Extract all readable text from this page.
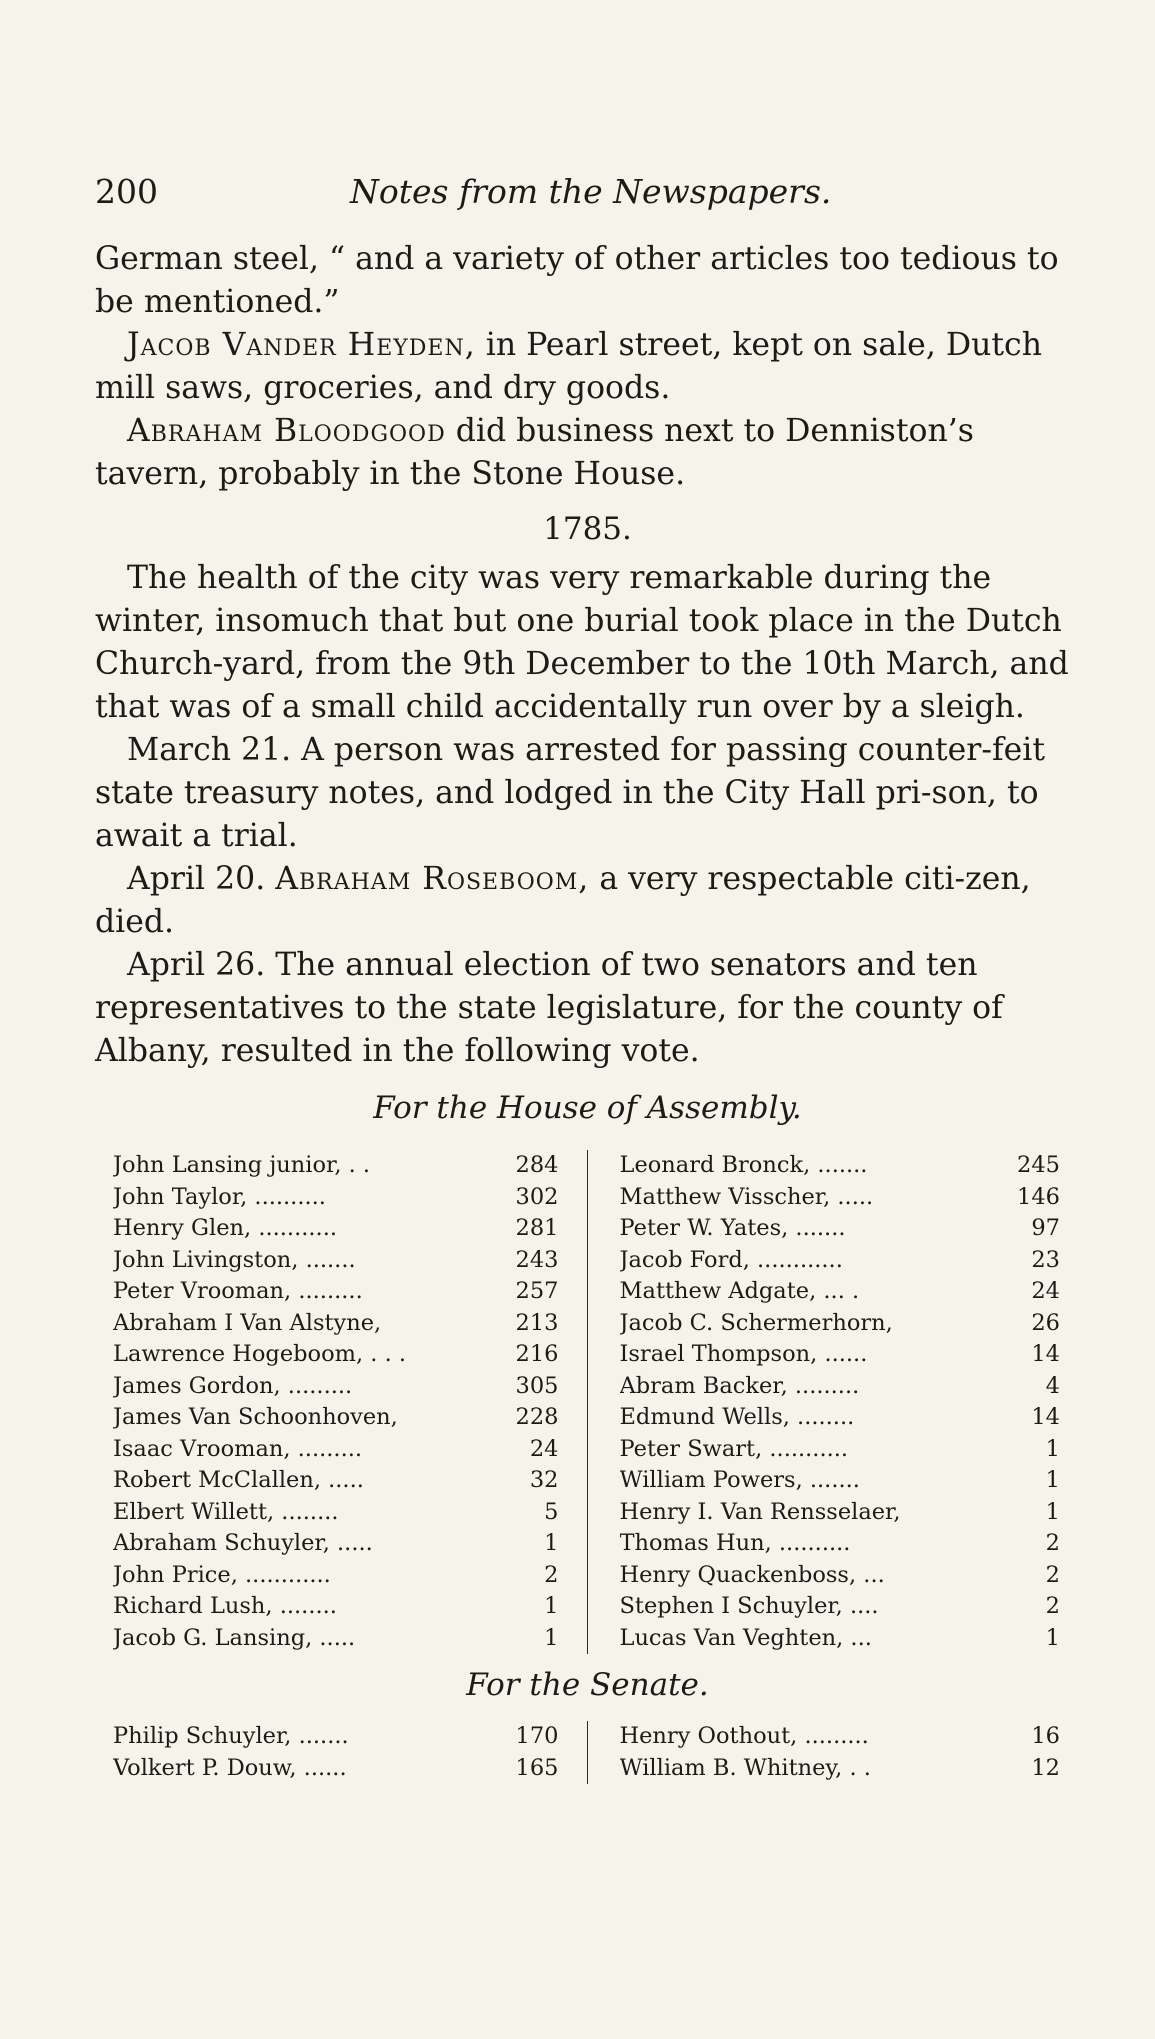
200	Notes from the Newspapers.

German steel, “ and a variety of other articles too tedious to be mentioned.”

Jacob Vander Heyden, in Pearl street, kept on sale, Dutch mill saws, groceries, and dry goods.

Abraham Bloodgood did business next to Denniston’s tavern, probably in the Stone House.

1785.

The health of the city was very remarkable during the winter, insomuch that but one burial took place in the Dutch Church-yard, from the 9th December to the 10th March, and that was of a small child accidentally run over by a sleigh.

March 21. A person was arrested for passing counter-feit state treasury notes, and lodged in the City Hall pri-son, to await a trial.

April 20. Abraham Roseboom, a very respectable citi-zen, died.

April 26. The annual election of two senators and ten representatives to the state legislature, for the county of Albany, resulted in the following vote.

For the House of Assembly.
John Lansing junior, . .	284
John Taylor, ..........	302
Henry Glen, ...........	281
John Livingston, .......	243
Peter Vrooman, .........	257
Abraham I Van Alstyne,	213
Lawrence Hogeboom, . . .	216
James Gordon, .........	305
James Van Schoonhoven,	228
Isaac Vrooman, .........	24
Robert McClallen, .....	32
Elbert Willett, ........	5
Abraham Schuyler, .....	1
John Price, ............	2
Richard Lush, ........	1
Jacob G. Lansing, .....	1
Leonard Bronck, .......	245
Matthew Visscher, .....	146
Peter W. Yates, .......	97
Jacob Ford, ............	23
Matthew Adgate, ... .	24
Jacob C. Schermerhorn,	26
Israel Thompson, ......	14
Abram Backer, .........	4
Edmund Wells, ........	14
Peter Swart, ...........	1
William Powers, .......	1
Henry I. Van Rensselaer,	1
Thomas Hun, ..........	2
Henry Quackenboss, ...	2
Stephen I Schuyler, ....	2
Lucas Van Veghten, ...	1
For the Senate.
Philip Schuyler, .......	170
Volkert P. Douw, ......	165
Henry Oothout, .........	16
William B. Whitney, . .	12
